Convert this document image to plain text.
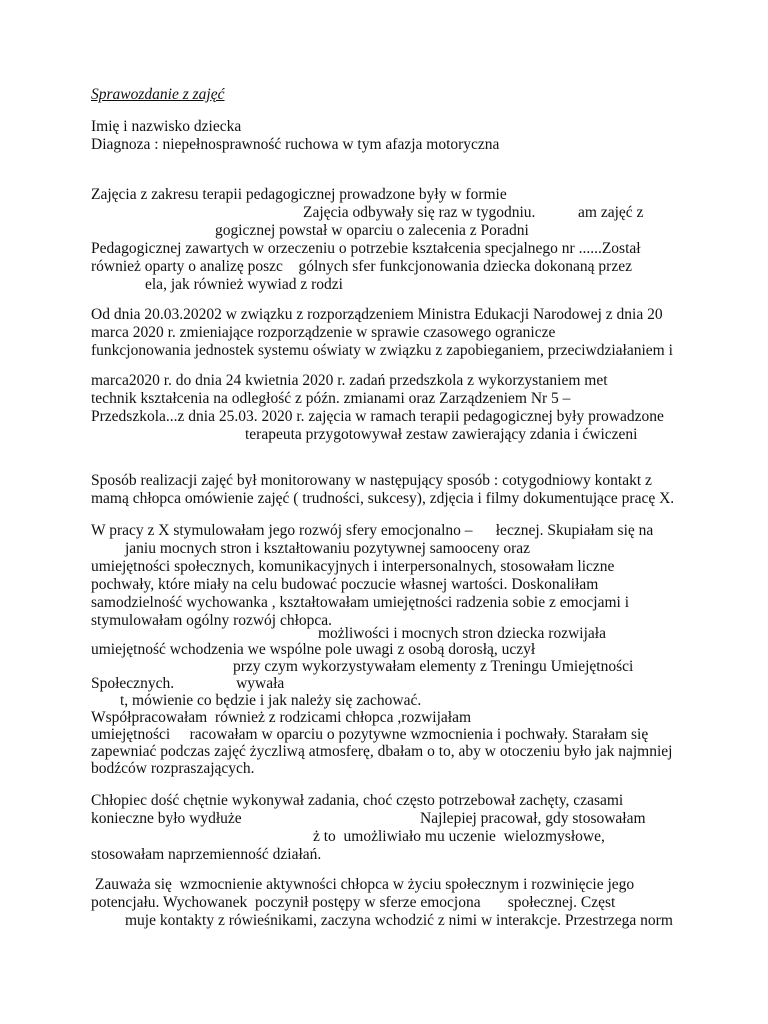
Sprawozdanie z zajęć
Imię i nazwisko dziecka
Diagnoza : niepełnosprawność ruchowa w tym afazja motoryczna
Zajęcia z zakresu terapii pedagogicznej prowadzone były w formie
Zajęcia odbywały się raz w tygodniu.           am zajęć z
gogicznej powstał w oparciu o zalecenia z Poradni
Pedagogicznej zawartych w orzeczeniu o potrzebie kształcenia specjalnego nr ......Został
również oparty o analizę poszc    gólnych sfer funkcjonowania dziecka dokonaną przez
ela, jak również wywiad z rodzi
Od dnia 20.03.20202 w związku z rozporządzeniem Ministra Edukacji Narodowej z dnia 20
marca 2020 r. zmieniające rozporządzenie w sprawie czasowego ogranicze
funkcjonowania jednostek systemu oświaty w związku z zapobieganiem, przeciwdziałaniem i
marca2020 r. do dnia 24 kwietnia 2020 r. zadań przedszkola z wykorzystaniem met
technik kształcenia na odległość z późn. zmianami oraz Zarządzeniem Nr 5 –
Przedszkola...z dnia 25.03. 2020 r. zajęcia w ramach terapii pedagogicznej były prowadzone
terapeuta przygotowywał zestaw zawierający zdania i ćwiczeni
Sposób realizacji zajęć był monitorowany w następujący sposób : cotygodniowy kontakt z
mamą chłopca omówienie zajęć ( trudności, sukcesy), zdjęcia i filmy dokumentujące pracę X.
W pracy z X stymulowałam jego rozwój sfery emocjonalno –      łecznej. Skupiałam się na
janiu mocnych stron i kształtowaniu pozytywnej samooceny oraz
umiejętności społecznych, komunikacyjnych i interpersonalnych, stosowałam liczne
pochwały, które miały na celu budować poczucie własnej wartości. Doskonaliłam
samodzielność wychowanka , kształtowałam umiejętności radzenia sobie z emocjami i
stymulowałam ogólny rozwój chłopca.
możliwości i mocnych stron dziecka rozwijała
umiejętność wchodzenia we wspólne pole uwagi z osobą dorosłą, uczył
przy czym wykorzystywałam elementy z Treningu Umiejętności
Społecznych.                wywała
t, mówienie co będzie i jak należy się zachować.
Współpracowałam  również z rodzicami chłopca ,rozwijałam
umiejętności     racowałam w oparciu o pozytywne wzmocnienia i pochwały. Starałam się
zapewniać podczas zajęć życzliwą atmosferę, dbałam o to, aby w otoczeniu było jak najmniej
bodźców rozpraszających.
Chłopiec dość chętnie wykonywał zadania, choć często potrzebował zachęty, czasami
konieczne było wydłuże	Najlepiej pracował, gdy stosowałam
ż to  umożliwiało mu uczenie  wielozmysłowe,
stosowałam naprzemienność działań.
Zauważa się  wzmocnienie aktywności chłopca w życiu społecznym i rozwinięcie jego
potencjału. Wychowanek  poczynił postępy w sferze emocjona       społecznej. Częst
muje kontakty z rówieśnikami, zaczyna wchodzić z nimi w interakcje. Przestrzega norm
